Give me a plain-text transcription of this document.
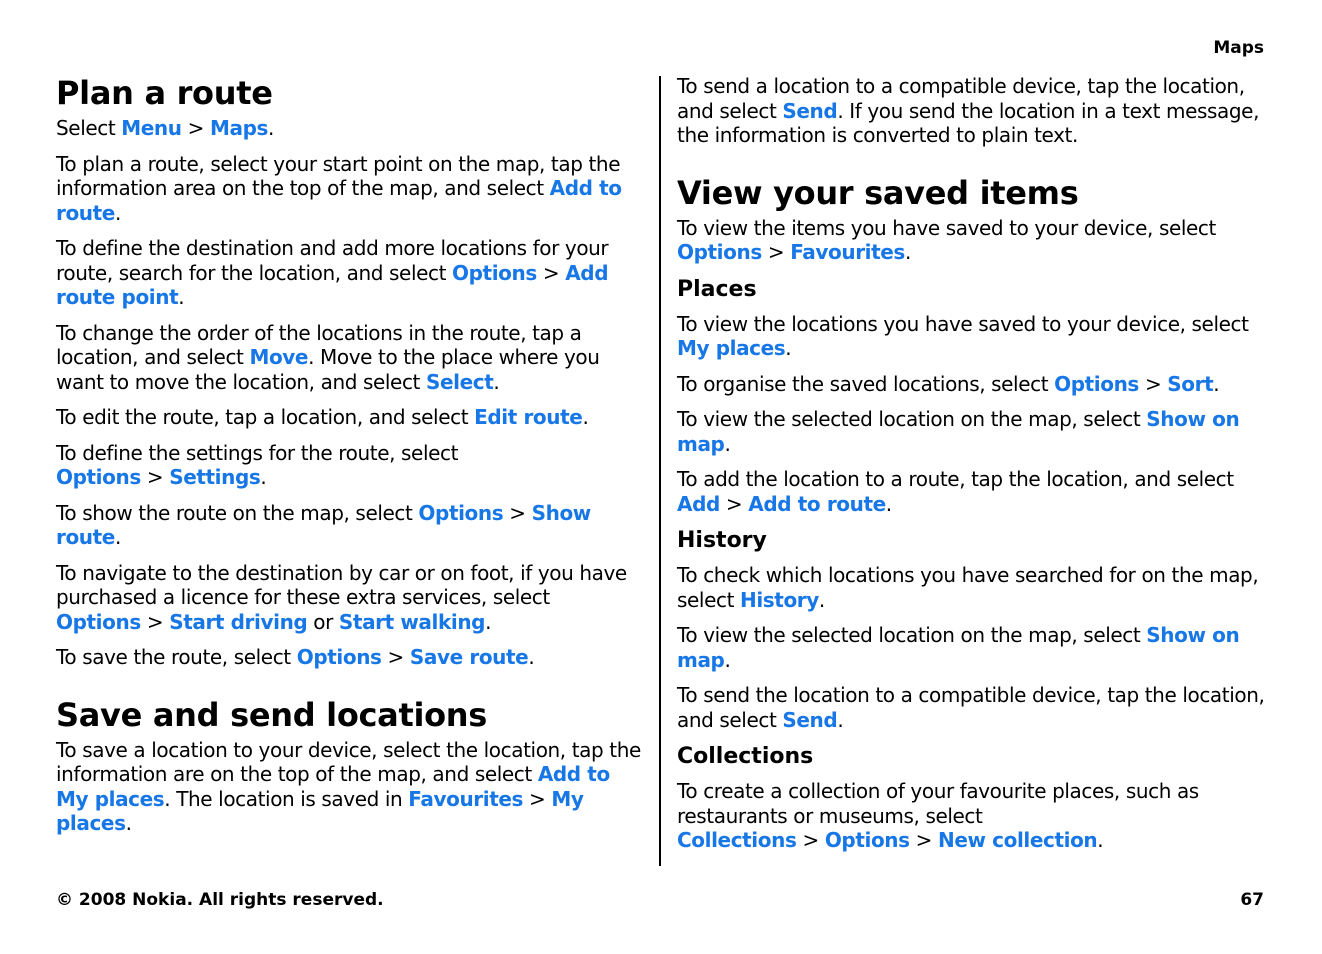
Maps
Plan a route

Select Menu > Maps.

To plan a route, select your start point on the map, tap the information area on the top of the map, and select Add to route.

To define the destination and add more locations for your route, search for the location, and select Options > Add route point.

To change the order of the locations in the route, tap a location, and select Move. Move to the place where you want to move the location, and select Select.

To edit the route, tap a location, and select Edit route.

To define the settings for the route, select Options > Settings.

To show the route on the map, select Options > Show route.

To navigate to the destination by car or on foot, if you have purchased a licence for these extra services, select Options > Start driving or Start walking.

To save the route, select Options > Save route.

Save and send locations

To save a location to your device, select the location, tap the information are on the top of the map, and select Add to My places. The location is saved in Favourites > My places.

To send a location to a compatible device, tap the location, and select Send. If you send the location in a text message, the information is converted to plain text.

View your saved items

To view the items you have saved to your device, select Options > Favourites.

Places

To view the locations you have saved to your device, select My places.

To organise the saved locations, select Options > Sort.

To view the selected location on the map, select Show on map.

To add the location to a route, tap the location, and select Add > Add to route.

History

To check which locations you have searched for on the map, select History.

To view the selected location on the map, select Show on map.

To send the location to a compatible device, tap the location, and select Send.

Collections

To create a collection of your favourite places, such as restaurants or museums, select Collections > Options > New collection.

© 2008 Nokia. All rights reserved.	67
